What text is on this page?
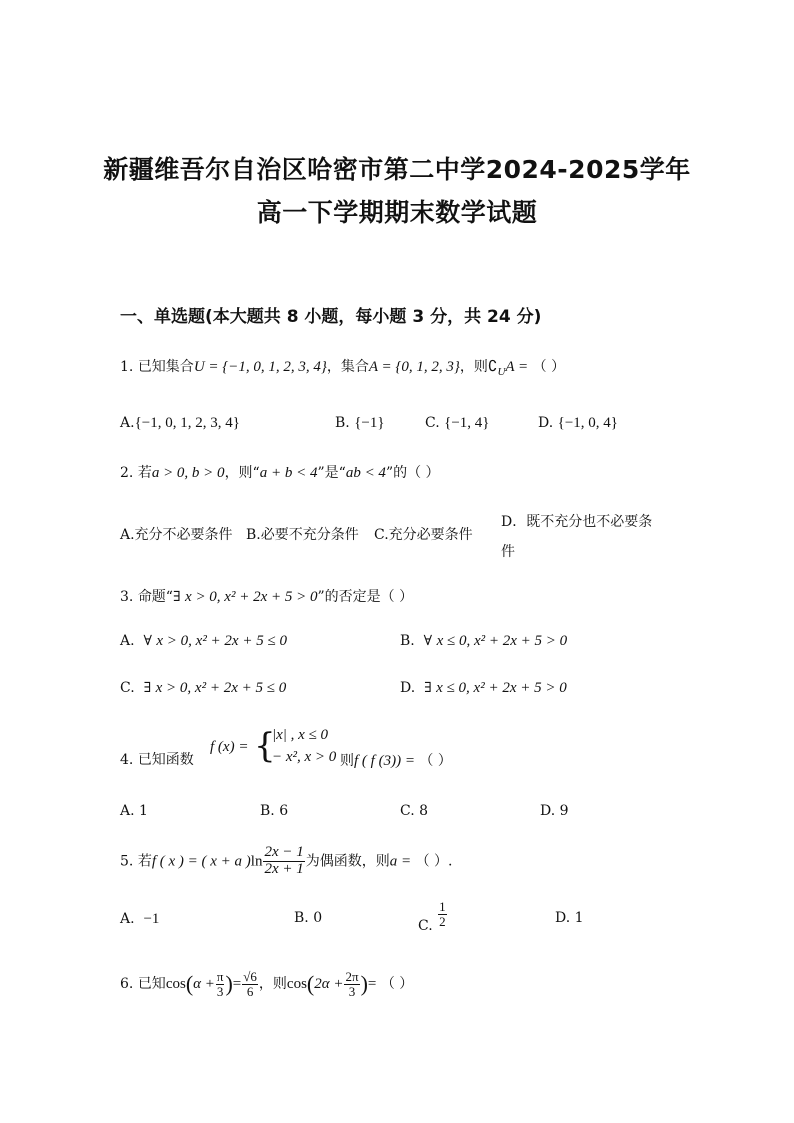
新疆维吾尔自治区哈密市第二中学2024-2025学年
高一下学期期末数学试题
一、单选题(本大题共 8 小题，每小题 3 分，共 24 分)
1. 已知集合U = {−1, 0, 1, 2, 3, 4}，集合A = {0, 1, 2, 3}，则$∁_UA$ = （ ）
A.{−1, 0, 1, 2, 3, 4}	B. {−1}	C. {−1, 4}	D. {−1, 0, 4}
2. 若a > 0, b > 0，则“a + b < 4”是“ab < 4”的（ ）
A.充分不必要条件 B.必要不充分条件 C.充分必要条件
D．既不充分也不必要条
件
3. 命题“∃ x > 0, x² + 2x + 5 > 0”的否定是（ ）
A. ∀ x > 0, x² + 2x + 5 ≤ 0	B. ∀ x ≤ 0, x² + 2x + 5 > 0
C. ∃ x > 0, x² + 2x + 5 ≤ 0	D. ∃ x ≤ 0, x² + 2x + 5 > 0
4. 已知函数
f (x) = {
|x| , x ≤ 0
− x², x > 0 则f ( f (3)) = （ ）
A. 1	B. 6	C. 8	D. 9
5. 若f ( x ) = ( x + a )$\ln \frac{2x - 1}{2x + 1}$ 为偶函数，则a = （ ）.
A. −1	B. 0
C. $\frac{1}{2}$	D. 1
6. 已知$\cos(\alpha + \frac{\pi}{3}$ )= $\frac{√6}{6}$ ，则$\cos(2\alpha + \frac{2\pi}{3}$ )= （ ）
